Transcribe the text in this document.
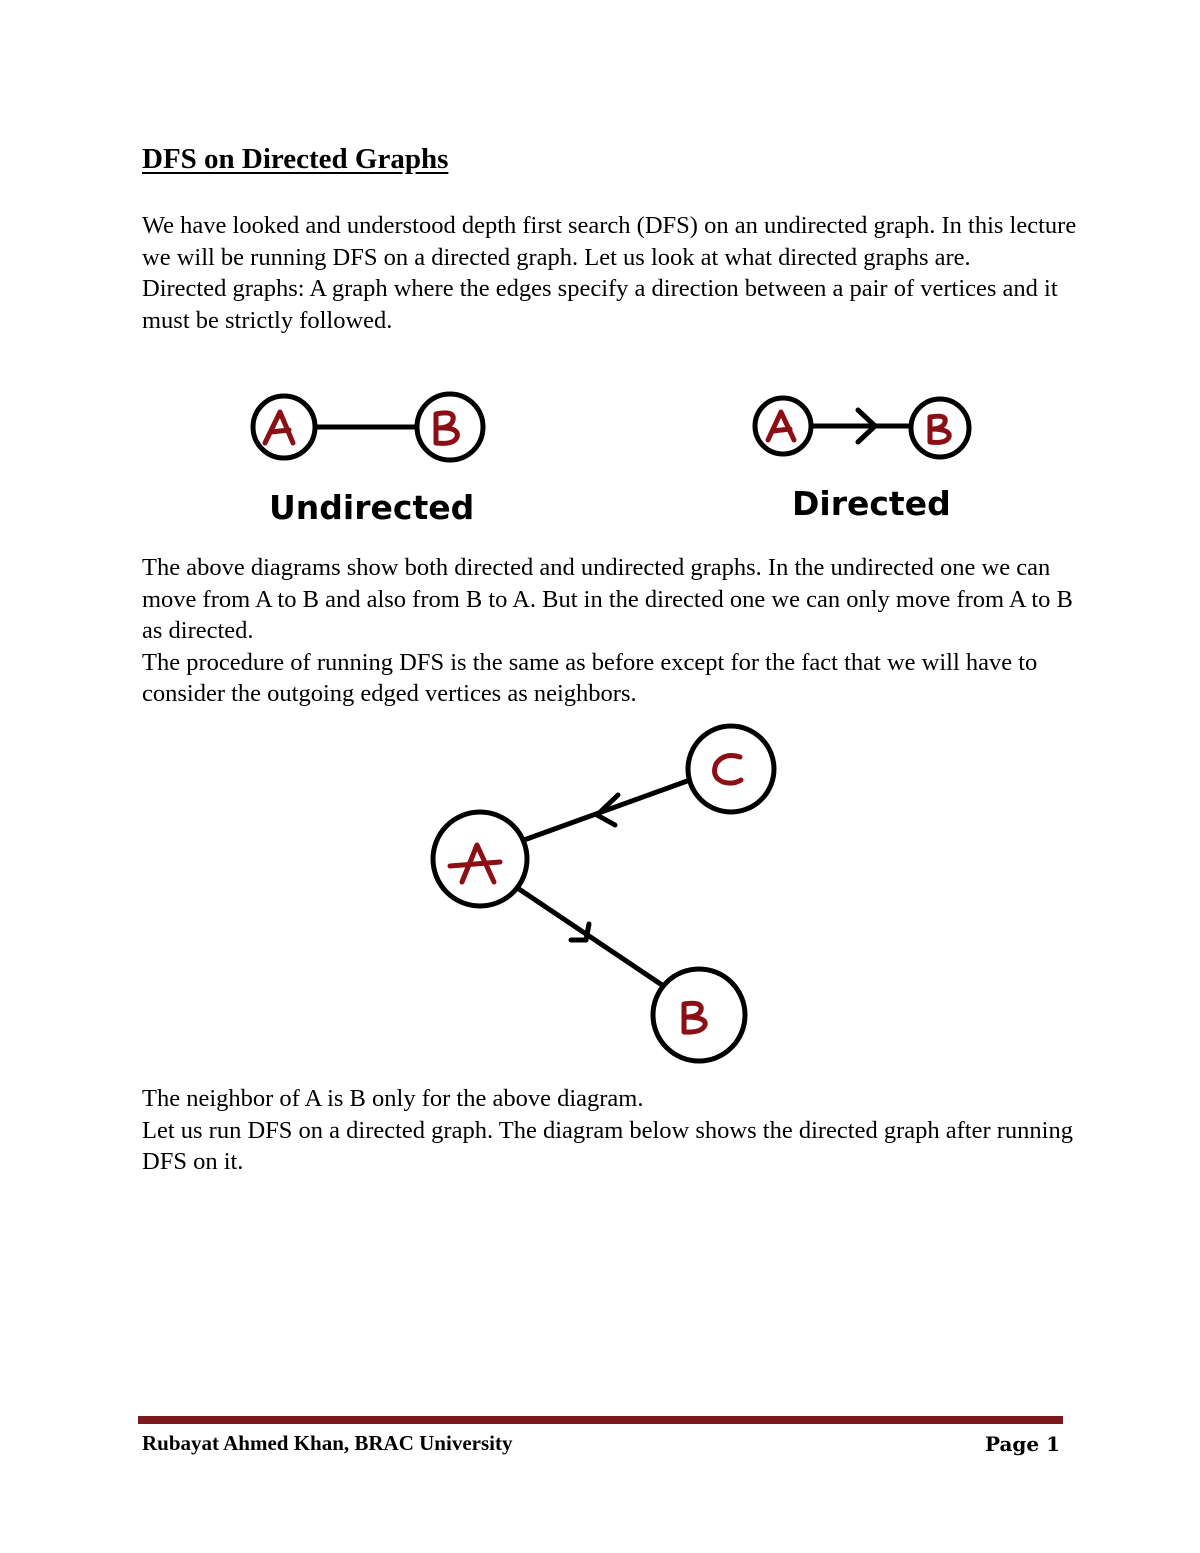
DFS on Directed Graphs
We have looked and understood depth first search (DFS) on an undirected graph. In this lecture we will be running DFS on a directed graph. Let us look at what directed graphs are.
Directed graphs: A graph where the edges specify a direction between a pair of vertices and it must be strictly followed.
Undirected	Directed
The above diagrams show both directed and undirected graphs. In the undirected one we can move from A to B and also from B to A. But in the directed one we can only move from A to B as directed.
The procedure of running DFS is the same as before except for the fact that we will have to consider the outgoing edged vertices as neighbors.
The neighbor of A is B only for the above diagram.
Let us run DFS on a directed graph. The diagram below shows the directed graph after running DFS on it.
Rubayat Ahmed Khan, BRAC University	Page 1
